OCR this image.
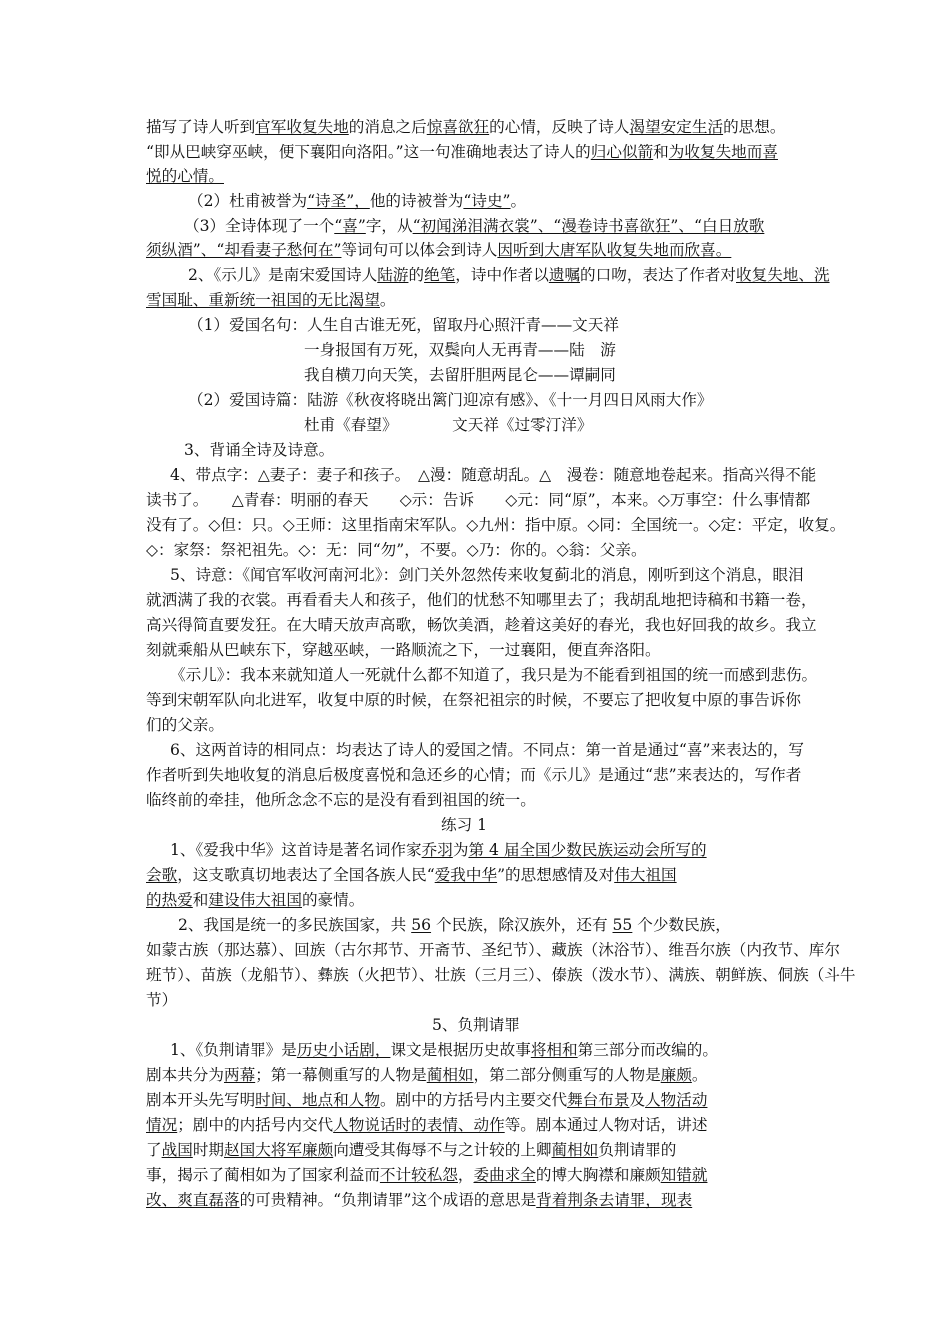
描写了诗人听到官军收复失地的消息之后惊喜欲狂的心情，反映了诗人渴望安定生活的思想。
“即从巴峡穿巫峡，便下襄阳向洛阳。”这一句准确地表达了诗人的归心似箭和为收复失地而喜
悦的心情。
（2）杜甫被誉为“诗圣”，他的诗被誉为“诗史”。
（3）全诗体现了一个“喜”字，从“初闻涕泪满衣裳”、“漫卷诗书喜欲狂”、“白日放歌
须纵酒”、“却看妻子愁何在”等词句可以体会到诗人因听到大唐军队收复失地而欣喜。
2、《示儿》是南宋爱国诗人陆游的绝笔，诗中作者以遗嘱的口吻，表达了作者对收复失地、洗
雪国耻、重新统一祖国的无比渴望。
（1）爱国名句：人生自古谁无死，留取丹心照汗青——文天祥
一身报国有万死，双鬓向人无再青——陆　游
我自横刀向天笑，去留肝胆两昆仑——谭嗣同
（2）爱国诗篇：陆游《秋夜将晓出篱门迎凉有感》、《十一月四日风雨大作》
杜甫《春望》　　　　文天祥《过零汀洋》
3、背诵全诗及诗意。
4、带点字：△妻子：妻子和孩子。　△漫：随意胡乱。△　漫卷：随意地卷起来。指高兴得不能
读书了。　　△青春：明丽的春天　　◇示：告诉　　◇元：同“原”，本来。◇万事空：什么事情都
没有了。◇但：只。◇王师：这里指南宋军队。◇九州：指中原。◇同：全国统一。◇定：平定，收复。
◇：家祭：祭祀祖先。◇：无：同“勿”，不要。◇乃：你的。◇翁：父亲。
5、诗意：《闻官军收河南河北》：剑门关外忽然传来收复蓟北的消息，刚听到这个消息，眼泪
就洒满了我的衣裳。再看看夫人和孩子，他们的忧愁不知哪里去了；我胡乱地把诗稿和书籍一卷，
高兴得简直要发狂。在大晴天放声高歌，畅饮美酒，趁着这美好的春光，我也好回我的故乡。我立
刻就乘船从巴峡东下，穿越巫峡，一路顺流之下，一过襄阳，便直奔洛阳。
《示儿》：我本来就知道人一死就什么都不知道了，我只是为不能看到祖国的统一而感到悲伤。
等到宋朝军队向北进军，收复中原的时候，在祭祀祖宗的时候，不要忘了把收复中原的事告诉你
们的父亲。
6、这两首诗的相同点：均表达了诗人的爱国之情。不同点：第一首是通过“喜”来表达的，写
作者听到失地收复的消息后极度喜悦和急还乡的心情；而《示儿》是通过“悲”来表达的，写作者
临终前的牵挂，他所念念不忘的是没有看到祖国的统一。
练习 1
1、《爱我中华》这首诗是著名词作家乔羽为第 4 届全国少数民族运动会所写的
会歌，这支歌真切地表达了全国各族人民“爱我中华”的思想感情及对伟大祖国
的热爱和建设伟大祖国的豪情。
2、我国是统一的多民族国家，共 56 个民族，除汉族外，还有 55 个少数民族，
如蒙古族（那达慕）、回族（古尔邦节、开斋节、圣纪节）、藏族（沐浴节）、维吾尔族（内孜节、库尔
班节）、苗族（龙船节）、彝族（火把节）、壮族（三月三）、傣族（泼水节）、满族、朝鲜族、侗族（斗牛
节）
5、负荆请罪
1、《负荆请罪》是历史小话剧，课文是根据历史故事将相和第三部分而改编的。
剧本共分为两幕；第一幕侧重写的人物是蔺相如，第二部分侧重写的人物是廉颇。
剧本开头先写明时间、地点和人物。剧中的方括号内主要交代舞台布景及人物活动
情况；剧中的内括号内交代人物说话时的表情、动作等。剧本通过人物对话，讲述
了战国时期赵国大将军廉颇向遭受其侮辱不与之计较的上卿蔺相如负荆请罪的
事，揭示了蔺相如为了国家利益而不计较私怨，委曲求全的博大胸襟和廉颇知错就
改、爽直磊落的可贵精神。“负荆请罪”这个成语的意思是背着荆条去请罪，现表
